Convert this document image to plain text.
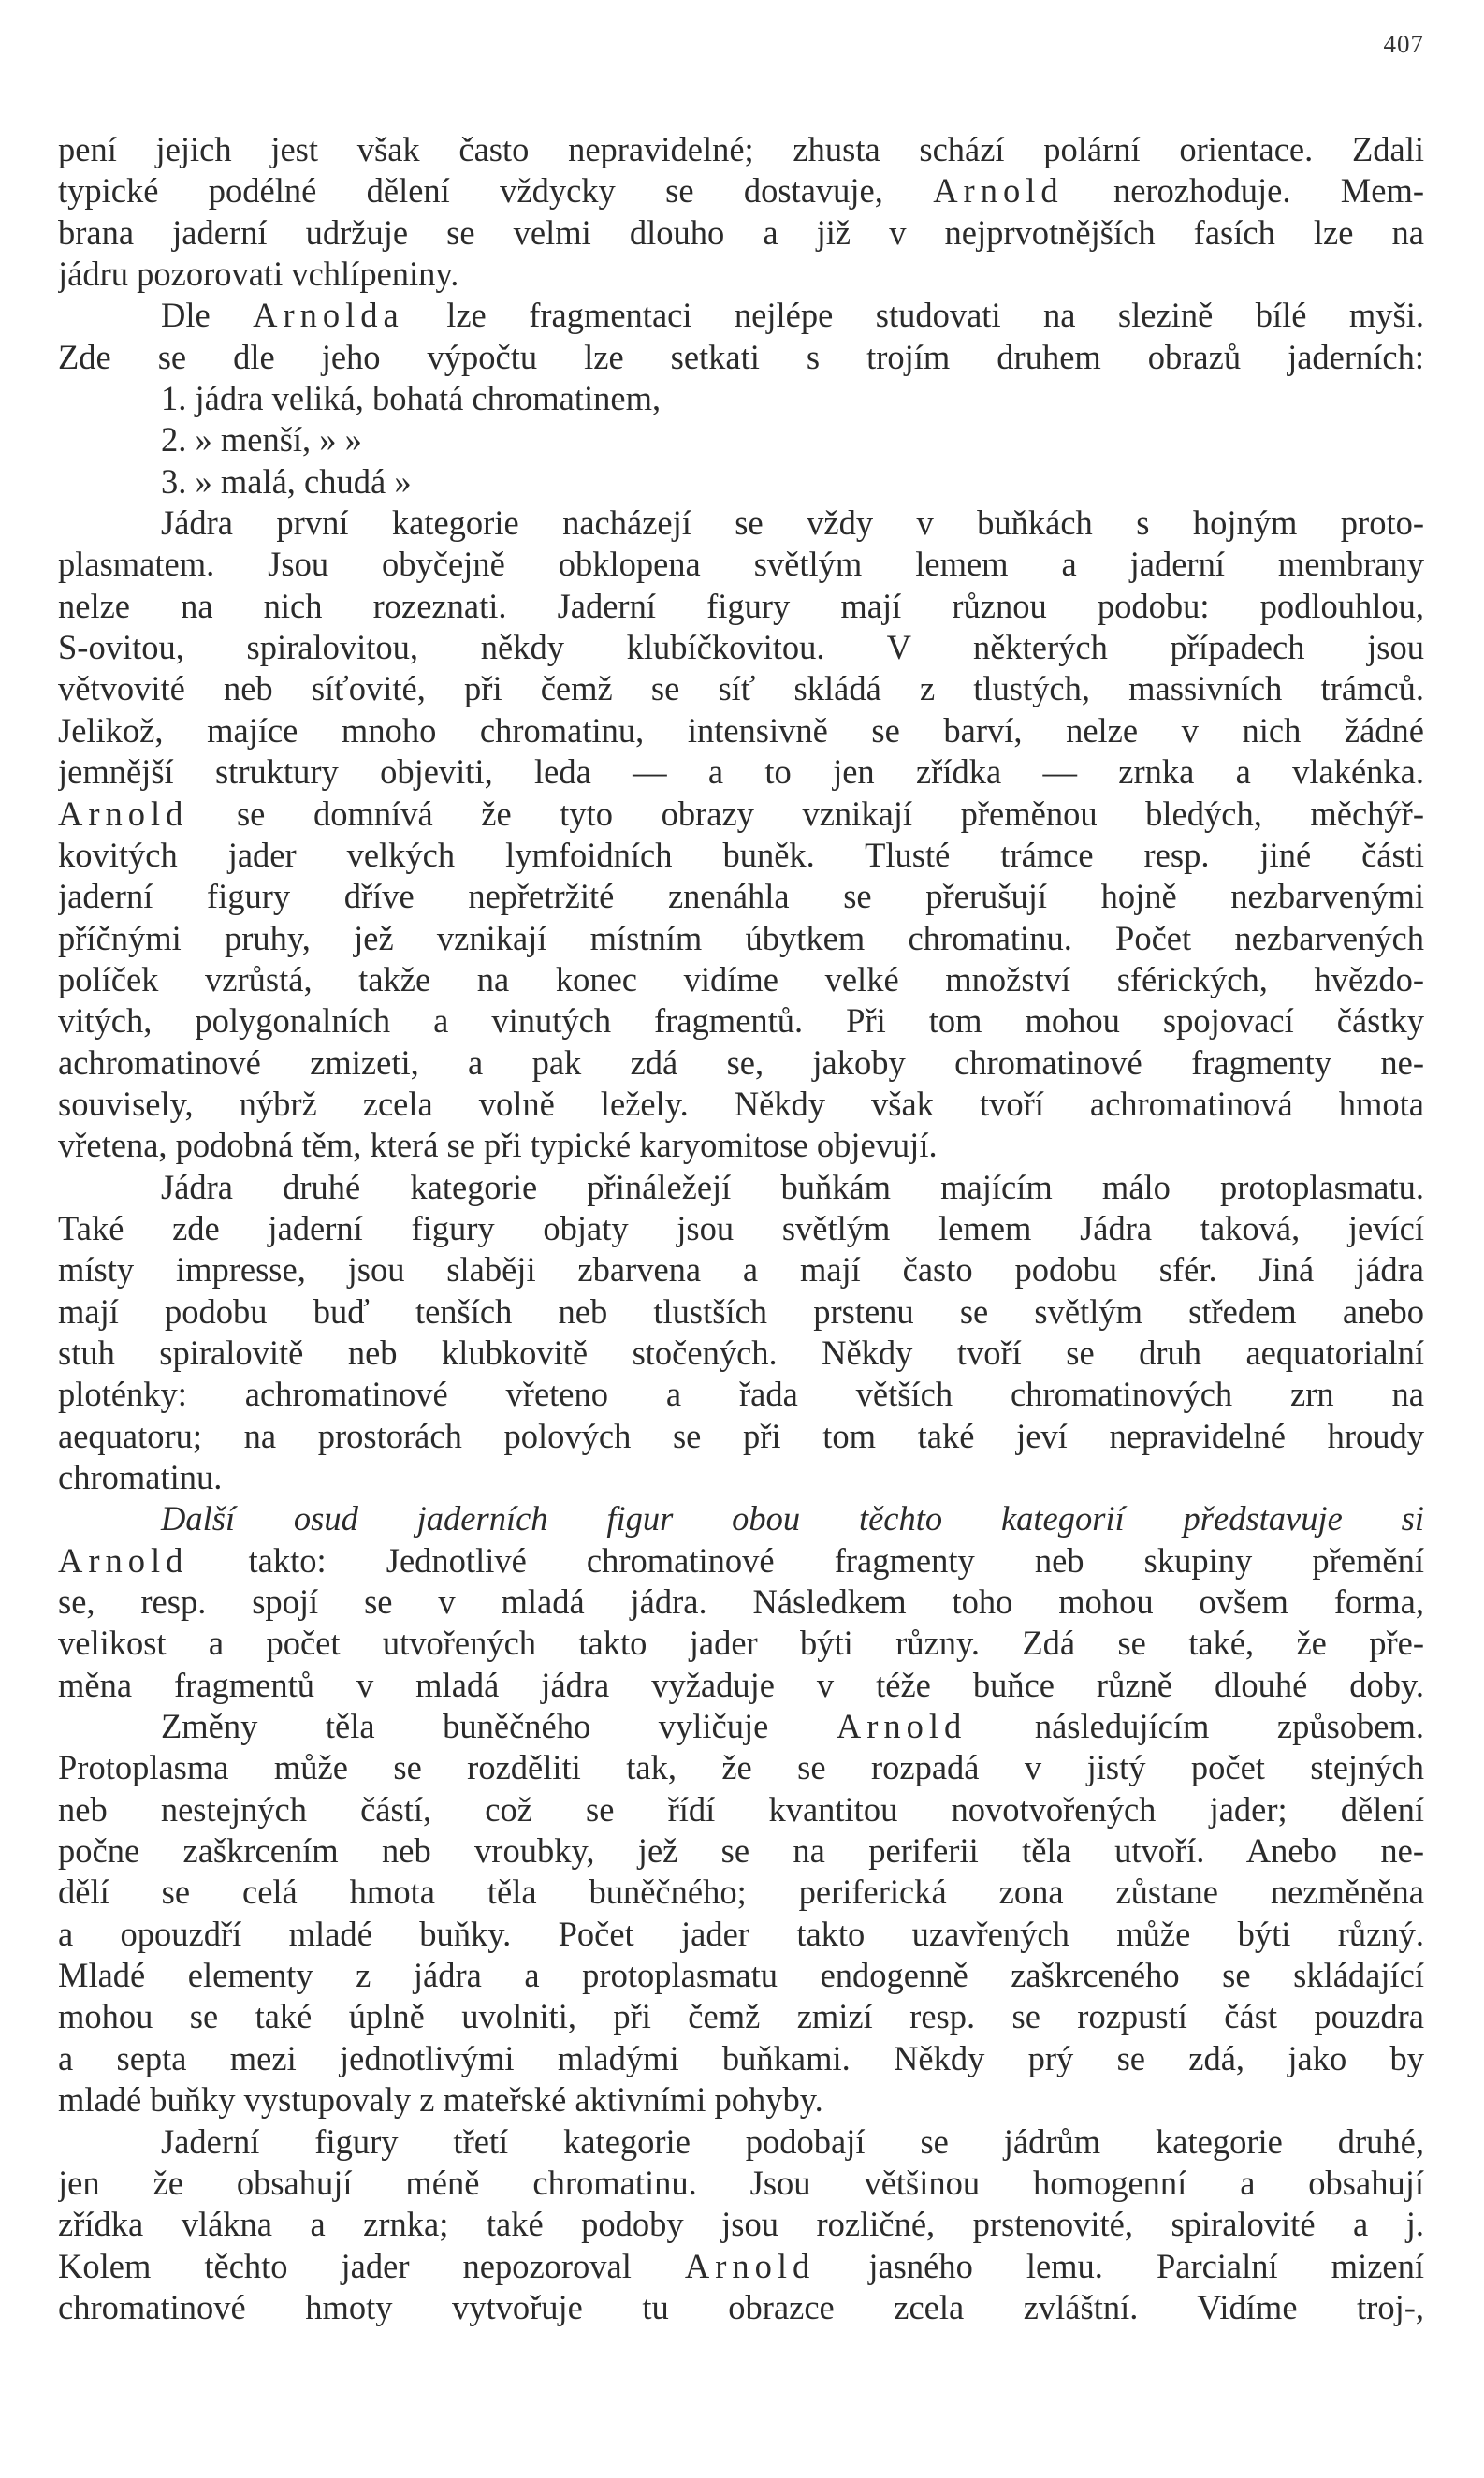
407
pení jejich jest však často nepravidelné; zhusta schází polární orientace. Zdali
typické podélné dělení vždycky se dostavuje, Arnold nerozhoduje. Mem-
brana jaderní udržuje se velmi dlouho a již v nejprvotnějších fasích lze na
jádru pozorovati vchlípeniny.
Dle Arnolda lze fragmentaci nejlépe studovati na slezině bílé myši.
Zde se dle jeho výpočtu lze setkati s trojím druhem obrazů jaderních:
1. jádra veliká, bohatá chromatinem,
2. » menší, » »
3. » malá, chudá »
Jádra první kategorie nacházejí se vždy v buňkách s hojným proto-
plasmatem. Jsou obyčejně obklopena světlým lemem a jaderní membrany
nelze na nich rozeznati. Jaderní figury mají různou podobu: podlouhlou,
S-ovitou, spiralovitou, někdy klubíčkovitou. V některých případech jsou
větvovité neb síťovité, při čemž se síť skládá z tlustých, massivních trámců.
Jelikož, majíce mnoho chromatinu, intensivně se barví, nelze v nich žádné
jemnější struktury objeviti, leda — a to jen zřídka — zrnka a vlakénka.
Arnold se domnívá že tyto obrazy vznikají přeměnou bledých, měchýř-
kovitých jader velkých lymfoidních buněk. Tlusté trámce resp. jiné části
jaderní figury dříve nepřetržité znenáhla se přerušují hojně nezbarvenými
příčnými pruhy, jež vznikají místním úbytkem chromatinu. Počet nezbarvených
políček vzrůstá, takže na konec vidíme velké množství sférických, hvězdo-
vitých, polygonalních a vinutých fragmentů. Při tom mohou spojovací částky
achromatinové zmizeti, a pak zdá se, jakoby chromatinové fragmenty ne-
souvisely, nýbrž zcela volně ležely. Někdy však tvoří achromatinová hmota
vřetena, podobná těm, která se při typické karyomitose objevují.
Jádra druhé kategorie přináležejí buňkám majícím málo protoplasmatu.
Také zde jaderní figury objaty jsou světlým lemem Jádra taková, jevící
místy impresse, jsou slaběji zbarvena a mají často podobu sfér. Jiná jádra
mají podobu buď tenších neb tlustších prstenu se světlým středem anebo
stuh spiralovitě neb klubkovitě stočených. Někdy tvoří se druh aequatorialní
ploténky: achromatinové vřeteno a řada větších chromatinových zrn na
aequatoru; na prostorách polových se při tom také jeví nepravidelné hroudy
chromatinu.
Další osud jaderních figur obou těchto kategorií představuje si
Arnold takto: Jednotlivé chromatinové fragmenty neb skupiny přemění
se, resp. spojí se v mladá jádra. Následkem toho mohou ovšem forma,
velikost a počet utvořených takto jader býti různy. Zdá se také, že pře-
měna fragmentů v mladá jádra vyžaduje v téže buňce různě dlouhé doby.
Změny těla buněčného vyličuje Arnold následujícím způsobem.
Protoplasma může se rozděliti tak, že se rozpadá v jistý počet stejných
neb nestejných částí, což se řídí kvantitou novotvořených jader; dělení
počne zaškrcením neb vroubky, jež se na periferii těla utvoří. Anebo ne-
dělí se celá hmota těla buněčného; periferická zona zůstane nezměněna
a opouzdří mladé buňky. Počet jader takto uzavřených může býti různý.
Mladé elementy z jádra a protoplasmatu endogenně zaškrceného se skládající
mohou se také úplně uvolniti, při čemž zmizí resp. se rozpustí část pouzdra
a septa mezi jednotlivými mladými buňkami. Někdy prý se zdá, jako by
mladé buňky vystupovaly z mateřské aktivními pohyby.
Jaderní figury třetí kategorie podobají se jádrům kategorie druhé,
jen že obsahují méně chromatinu. Jsou většinou homogenní a obsahují
zřídka vlákna a zrnka; také podoby jsou rozličné, prstenovité, spiralovité a j.
Kolem těchto jader nepozoroval Arnold jasného lemu. Parcialní mizení
chromatinové hmoty vytvořuje tu obrazce zcela zvláštní. Vidíme troj-,
